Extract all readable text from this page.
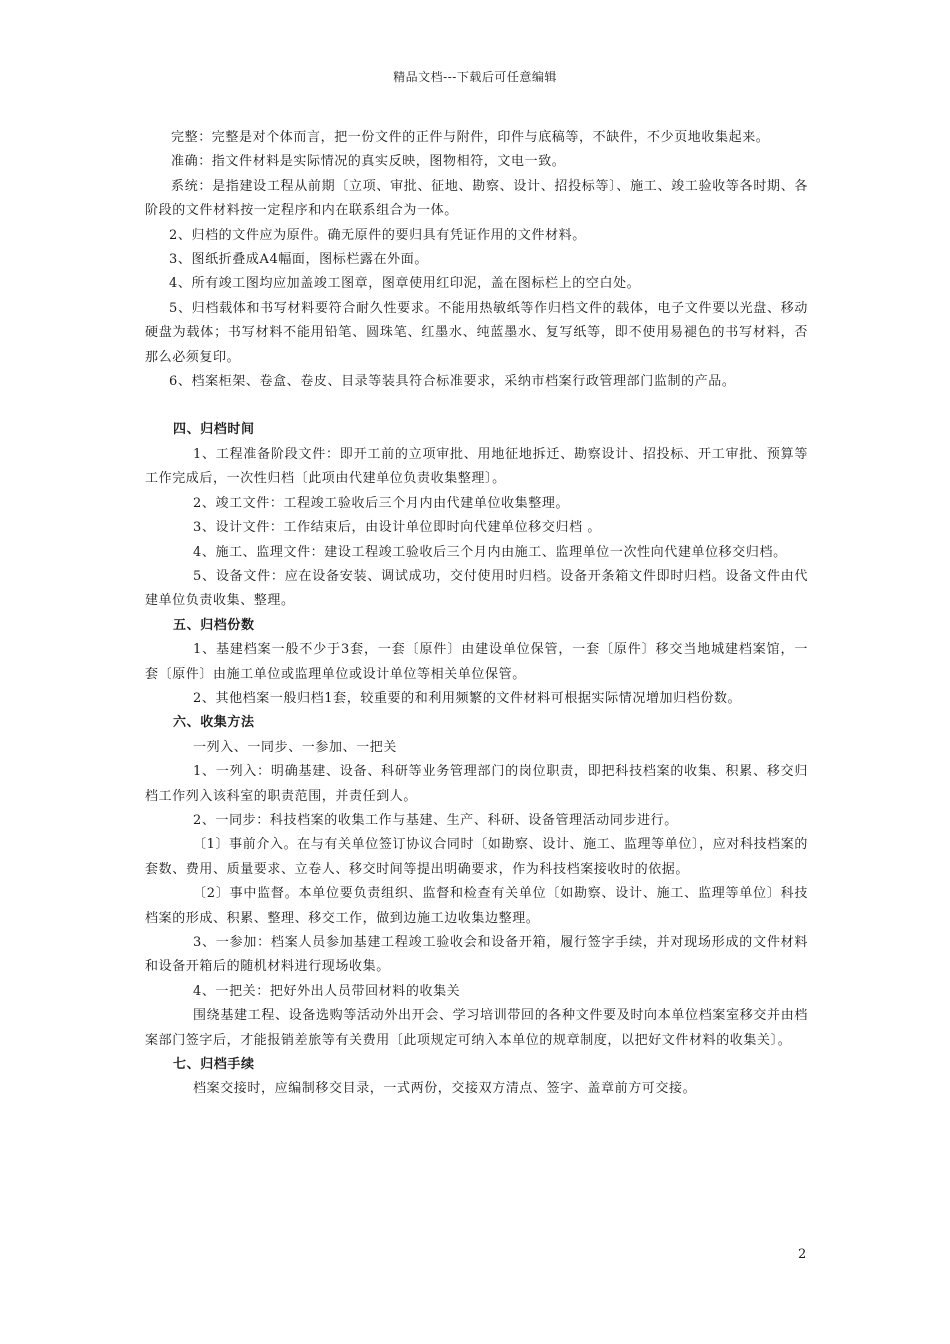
精品文档---下载后可任意编辑

完整：完整是对个体而言，把一份文件的正件与附件，印件与底稿等，不缺件，不少页地收集起来。

准确：指文件材料是实际情况的真实反映，图物相符，文电一致。

系统：是指建设工程从前期〔立项、审批、征地、勘察、设计、招投标等〕、施工、竣工验收等各时期、各阶段的文件材料按一定程序和内在联系组合为一体。

2、归档的文件应为原件。确无原件的要归具有凭证作用的文件材料。

3、图纸折叠成A4幅面，图标栏露在外面。

4、所有竣工图均应加盖竣工图章，图章使用红印泥，盖在图标栏上的空白处。

5、归档载体和书写材料要符合耐久性要求。不能用热敏纸等作归档文件的载体，电子文件要以光盘、移动硬盘为载体；书写材料不能用铅笔、圆珠笔、红墨水、纯蓝墨水、复写纸等，即不使用易褪色的书写材料，否那么必须复印。

6、档案柜架、卷盒、卷皮、目录等装具符合标准要求，采纳市档案行政管理部门监制的产品。

四、归档时间

1、工程准备阶段文件：即开工前的立项审批、用地征地拆迁、勘察设计、招投标、开工审批、预算等工作完成后，一次性归档〔此项由代建单位负责收集整理〕。

2、竣工文件：工程竣工验收后三个月内由代建单位收集整理。

3、设计文件：工作结束后，由设计单位即时向代建单位移交归档 。

4、施工、监理文件：建设工程竣工验收后三个月内由施工、监理单位一次性向代建单位移交归档。

5、设备文件：应在设备安装、调试成功，交付使用时归档。设备开条箱文件即时归档。设备文件由代建单位负责收集、整理。

五、归档份数

1、基建档案一般不少于3套，一套〔原件〕由建设单位保管，一套〔原件〕移交当地城建档案馆，一套〔原件〕由施工单位或监理单位或设计单位等相关单位保管。

2、其他档案一般归档1套，较重要的和利用频繁的文件材料可根据实际情况增加归档份数。

六、收集方法

一列入、一同步、一参加、一把关

1、一列入：明确基建、设备、科研等业务管理部门的岗位职责，即把科技档案的收集、积累、移交归档工作列入该科室的职责范围，并责任到人。

2、一同步：科技档案的收集工作与基建、生产、科研、设备管理活动同步进行。

〔1〕事前介入。在与有关单位签订协议合同时〔如勘察、设计、施工、监理等单位〕，应对科技档案的套数、费用、质量要求、立卷人、移交时间等提出明确要求，作为科技档案接收时的依据。

〔2〕事中监督。本单位要负责组织、监督和检查有关单位〔如勘察、设计、施工、监理等单位〕科技档案的形成、积累、整理、移交工作，做到边施工边收集边整理。

3、一参加：档案人员参加基建工程竣工验收会和设备开箱，履行签字手续，并对现场形成的文件材料和设备开箱后的随机材料进行现场收集。

4、一把关：把好外出人员带回材料的收集关

围绕基建工程、设备选购等活动外出开会、学习培训带回的各种文件要及时向本单位档案室移交并由档案部门签字后，才能报销差旅等有关费用〔此项规定可纳入本单位的规章制度，以把好文件材料的收集关〕。

七、归档手续

档案交接时，应编制移交目录，一式两份，交接双方清点、签字、盖章前方可交接。

2
